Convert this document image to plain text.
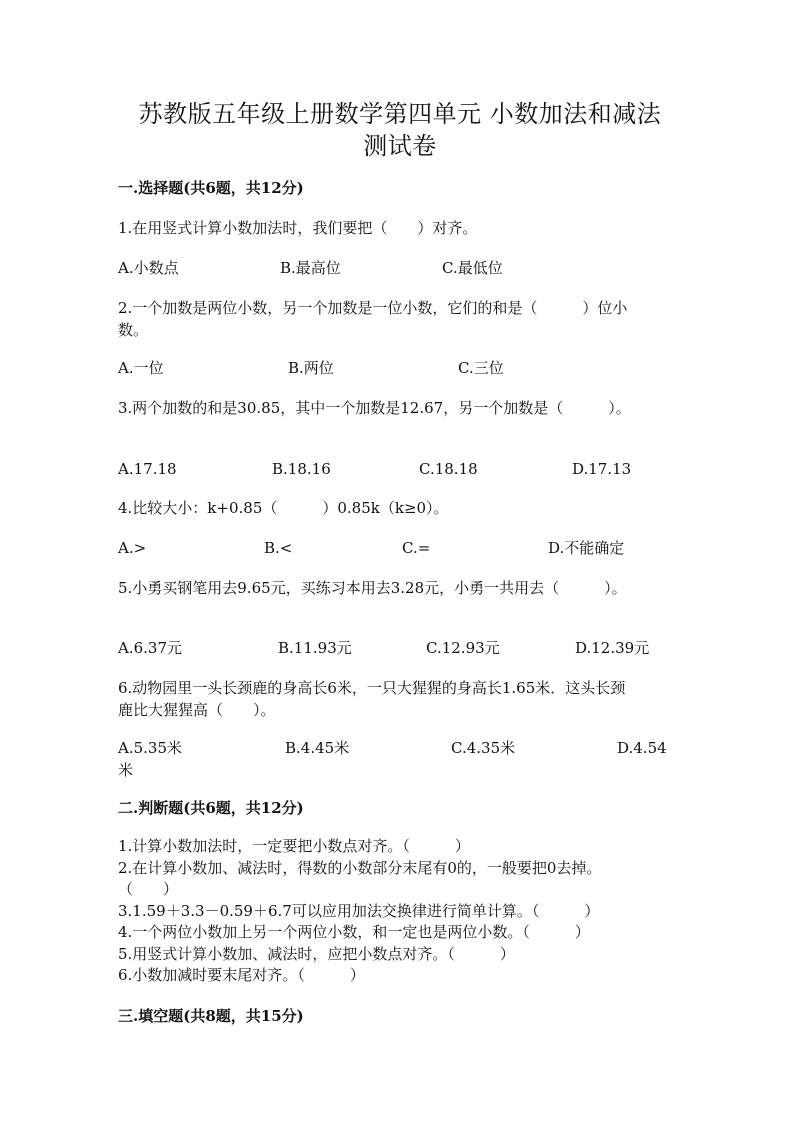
苏教版五年级上册数学第四单元 小数加法和减法
测试卷
一.选择题(共6题，共12分)
1.在用竖式计算小数加法时，我们要把（　　）对齐。
A.小数点	B.最高位	C.最低位
2.一个加数是两位小数，另一个加数是一位小数，它们的和是（　　　）位小
数。
A.一位	B.两位	C.三位
3.两个加数的和是30.85，其中一个加数是12.67，另一个加数是（　　　）。
A.17.18	B.18.16	C.18.18	D.17.13
4.比较大小：k+0.85（　　　）0.85k（k≥0）。
A.>	B.<	C.=	D.不能确定
5.小勇买钢笔用去9.65元，买练习本用去3.28元，小勇一共用去（　　　）。
A.6.37元	B.11.93元	C.12.93元	D.12.39元
6.动物园里一头长颈鹿的身高长6米，一只大猩猩的身高长1.65米．这头长颈
鹿比大猩猩高（　　）。
A.5.35米	B.4.45米	C.4.35米	D.4.54
米
二.判断题(共6题，共12分)
1.计算小数加法时，一定要把小数点对齐。（　　　）
2.在计算小数加、减法时，得数的小数部分末尾有0的，一般要把0去掉。
（　　）
3.1.59＋3.3－0.59＋6.7可以应用加法交换律进行简单计算。（　　　）
4.一个两位小数加上另一个两位小数，和一定也是两位小数。（　　　）
5.用竖式计算小数加、减法时，应把小数点对齐。（　　　）
6.小数加减时要末尾对齐。（　　　）
三.填空题(共8题，共15分)
